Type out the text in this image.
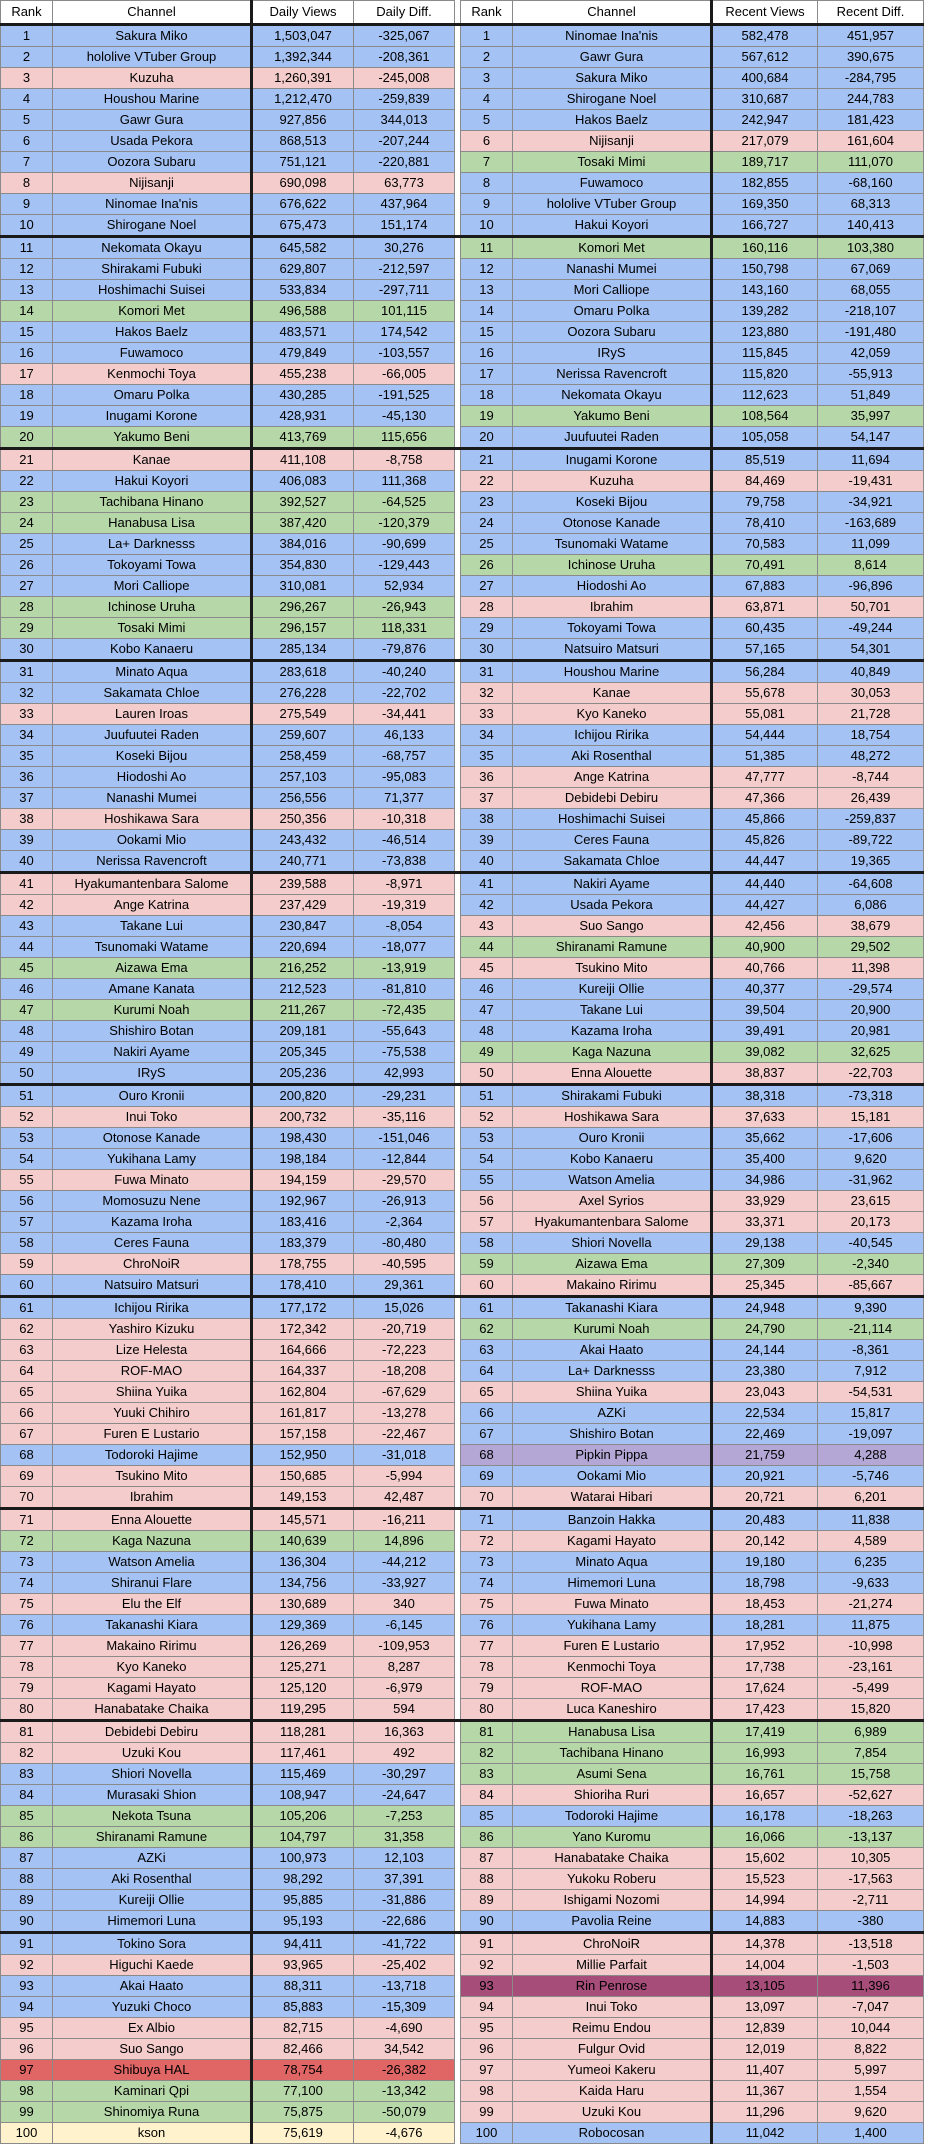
Rank	Channel	Daily Views	Daily Diff.		Rank	Channel	Recent Views	Recent Diff.
1	Sakura Miko	1,503,047	-325,067		1	Ninomae Ina'nis	582,478	451,957
2	hololive VTuber Group	1,392,344	-208,361		2	Gawr Gura	567,612	390,675
3	Kuzuha	1,260,391	-245,008		3	Sakura Miko	400,684	-284,795
4	Houshou Marine	1,212,470	-259,839		4	Shirogane Noel	310,687	244,783
5	Gawr Gura	927,856	344,013		5	Hakos Baelz	242,947	181,423
6	Usada Pekora	868,513	-207,244		6	Nijisanji	217,079	161,604
7	Oozora Subaru	751,121	-220,881		7	Tosaki Mimi	189,717	111,070
8	Nijisanji	690,098	63,773		8	Fuwamoco	182,855	-68,160
9	Ninomae Ina'nis	676,622	437,964		9	hololive VTuber Group	169,350	68,313
10	Shirogane Noel	675,473	151,174		10	Hakui Koyori	166,727	140,413
11	Nekomata Okayu	645,582	30,276		11	Komori Met	160,116	103,380
12	Shirakami Fubuki	629,807	-212,597		12	Nanashi Mumei	150,798	67,069
13	Hoshimachi Suisei	533,834	-297,711		13	Mori Calliope	143,160	68,055
14	Komori Met	496,588	101,115		14	Omaru Polka	139,282	-218,107
15	Hakos Baelz	483,571	174,542		15	Oozora Subaru	123,880	-191,480
16	Fuwamoco	479,849	-103,557		16	IRyS	115,845	42,059
17	Kenmochi Toya	455,238	-66,005		17	Nerissa Ravencroft	115,820	-55,913
18	Omaru Polka	430,285	-191,525		18	Nekomata Okayu	112,623	51,849
19	Inugami Korone	428,931	-45,130		19	Yakumo Beni	108,564	35,997
20	Yakumo Beni	413,769	115,656		20	Juufuutei Raden	105,058	54,147
21	Kanae	411,108	-8,758		21	Inugami Korone	85,519	11,694
22	Hakui Koyori	406,083	111,368		22	Kuzuha	84,469	-19,431
23	Tachibana Hinano	392,527	-64,525		23	Koseki Bijou	79,758	-34,921
24	Hanabusa Lisa	387,420	-120,379		24	Otonose Kanade	78,410	-163,689
25	La+ Darknesss	384,016	-90,699		25	Tsunomaki Watame	70,583	11,099
26	Tokoyami Towa	354,830	-129,443		26	Ichinose Uruha	70,491	8,614
27	Mori Calliope	310,081	52,934		27	Hiodoshi Ao	67,883	-96,896
28	Ichinose Uruha	296,267	-26,943		28	Ibrahim	63,871	50,701
29	Tosaki Mimi	296,157	118,331		29	Tokoyami Towa	60,435	-49,244
30	Kobo Kanaeru	285,134	-79,876		30	Natsuiro Matsuri	57,165	54,301
31	Minato Aqua	283,618	-40,240		31	Houshou Marine	56,284	40,849
32	Sakamata Chloe	276,228	-22,702		32	Kanae	55,678	30,053
33	Lauren Iroas	275,549	-34,441		33	Kyo Kaneko	55,081	21,728
34	Juufuutei Raden	259,607	46,133		34	Ichijou Ririka	54,444	18,754
35	Koseki Bijou	258,459	-68,757		35	Aki Rosenthal	51,385	48,272
36	Hiodoshi Ao	257,103	-95,083		36	Ange Katrina	47,777	-8,744
37	Nanashi Mumei	256,556	71,377		37	Debidebi Debiru	47,366	26,439
38	Hoshikawa Sara	250,356	-10,318		38	Hoshimachi Suisei	45,866	-259,837
39	Ookami Mio	243,432	-46,514		39	Ceres Fauna	45,826	-89,722
40	Nerissa Ravencroft	240,771	-73,838		40	Sakamata Chloe	44,447	19,365
41	Hyakumantenbara Salome	239,588	-8,971		41	Nakiri Ayame	44,440	-64,608
42	Ange Katrina	237,429	-19,319		42	Usada Pekora	44,427	6,086
43	Takane Lui	230,847	-8,054		43	Suo Sango	42,456	38,679
44	Tsunomaki Watame	220,694	-18,077		44	Shiranami Ramune	40,900	29,502
45	Aizawa Ema	216,252	-13,919		45	Tsukino Mito	40,766	11,398
46	Amane Kanata	212,523	-81,810		46	Kureiji Ollie	40,377	-29,574
47	Kurumi Noah	211,267	-72,435		47	Takane Lui	39,504	20,900
48	Shishiro Botan	209,181	-55,643		48	Kazama Iroha	39,491	20,981
49	Nakiri Ayame	205,345	-75,538		49	Kaga Nazuna	39,082	32,625
50	IRyS	205,236	42,993		50	Enna Alouette	38,837	-22,703
51	Ouro Kronii	200,820	-29,231		51	Shirakami Fubuki	38,318	-73,318
52	Inui Toko	200,732	-35,116		52	Hoshikawa Sara	37,633	15,181
53	Otonose Kanade	198,430	-151,046		53	Ouro Kronii	35,662	-17,606
54	Yukihana Lamy	198,184	-12,844		54	Kobo Kanaeru	35,400	9,620
55	Fuwa Minato	194,159	-29,570		55	Watson Amelia	34,986	-31,962
56	Momosuzu Nene	192,967	-26,913		56	Axel Syrios	33,929	23,615
57	Kazama Iroha	183,416	-2,364		57	Hyakumantenbara Salome	33,371	20,173
58	Ceres Fauna	183,379	-80,480		58	Shiori Novella	29,138	-40,545
59	ChroNoiR	178,755	-40,595		59	Aizawa Ema	27,309	-2,340
60	Natsuiro Matsuri	178,410	29,361		60	Makaino Ririmu	25,345	-85,667
61	Ichijou Ririka	177,172	15,026		61	Takanashi Kiara	24,948	9,390
62	Yashiro Kizuku	172,342	-20,719		62	Kurumi Noah	24,790	-21,114
63	Lize Helesta	164,666	-72,223		63	Akai Haato	24,144	-8,361
64	ROF-MAO	164,337	-18,208		64	La+ Darknesss	23,380	7,912
65	Shiina Yuika	162,804	-67,629		65	Shiina Yuika	23,043	-54,531
66	Yuuki Chihiro	161,817	-13,278		66	AZKi	22,534	15,817
67	Furen E Lustario	157,158	-22,467		67	Shishiro Botan	22,469	-19,097
68	Todoroki Hajime	152,950	-31,018		68	Pipkin Pippa	21,759	4,288
69	Tsukino Mito	150,685	-5,994		69	Ookami Mio	20,921	-5,746
70	Ibrahim	149,153	42,487		70	Watarai Hibari	20,721	6,201
71	Enna Alouette	145,571	-16,211		71	Banzoin Hakka	20,483	11,838
72	Kaga Nazuna	140,639	14,896		72	Kagami Hayato	20,142	4,589
73	Watson Amelia	136,304	-44,212		73	Minato Aqua	19,180	6,235
74	Shiranui Flare	134,756	-33,927		74	Himemori Luna	18,798	-9,633
75	Elu the Elf	130,689	340		75	Fuwa Minato	18,453	-21,274
76	Takanashi Kiara	129,369	-6,145		76	Yukihana Lamy	18,281	11,875
77	Makaino Ririmu	126,269	-109,953		77	Furen E Lustario	17,952	-10,998
78	Kyo Kaneko	125,271	8,287		78	Kenmochi Toya	17,738	-23,161
79	Kagami Hayato	125,120	-6,979		79	ROF-MAO	17,624	-5,499
80	Hanabatake Chaika	119,295	594		80	Luca Kaneshiro	17,423	15,820
81	Debidebi Debiru	118,281	16,363		81	Hanabusa Lisa	17,419	6,989
82	Uzuki Kou	117,461	492		82	Tachibana Hinano	16,993	7,854
83	Shiori Novella	115,469	-30,297		83	Asumi Sena	16,761	15,758
84	Murasaki Shion	108,947	-24,647		84	Shioriha Ruri	16,657	-52,627
85	Nekota Tsuna	105,206	-7,253		85	Todoroki Hajime	16,178	-18,263
86	Shiranami Ramune	104,797	31,358		86	Yano Kuromu	16,066	-13,137
87	AZKi	100,973	12,103		87	Hanabatake Chaika	15,602	10,305
88	Aki Rosenthal	98,292	37,391		88	Yukoku Roberu	15,523	-17,563
89	Kureiji Ollie	95,885	-31,886		89	Ishigami Nozomi	14,994	-2,711
90	Himemori Luna	95,193	-22,686		90	Pavolia Reine	14,883	-380
91	Tokino Sora	94,411	-41,722		91	ChroNoiR	14,378	-13,518
92	Higuchi Kaede	93,965	-25,402		92	Millie Parfait	14,004	-1,503
93	Akai Haato	88,311	-13,718		93	Rin Penrose	13,105	11,396
94	Yuzuki Choco	85,883	-15,309		94	Inui Toko	13,097	-7,047
95	Ex Albio	82,715	-4,690		95	Reimu Endou	12,839	10,044
96	Suo Sango	82,466	34,542		96	Fulgur Ovid	12,019	8,822
97	Shibuya HAL	78,754	-26,382		97	Yumeoi Kakeru	11,407	5,997
98	Kaminari Qpi	77,100	-13,342		98	Kaida Haru	11,367	1,554
99	Shinomiya Runa	75,875	-50,079		99	Uzuki Kou	11,296	9,620
100	kson	75,619	-4,676		100	Robocosan	11,042	1,400
